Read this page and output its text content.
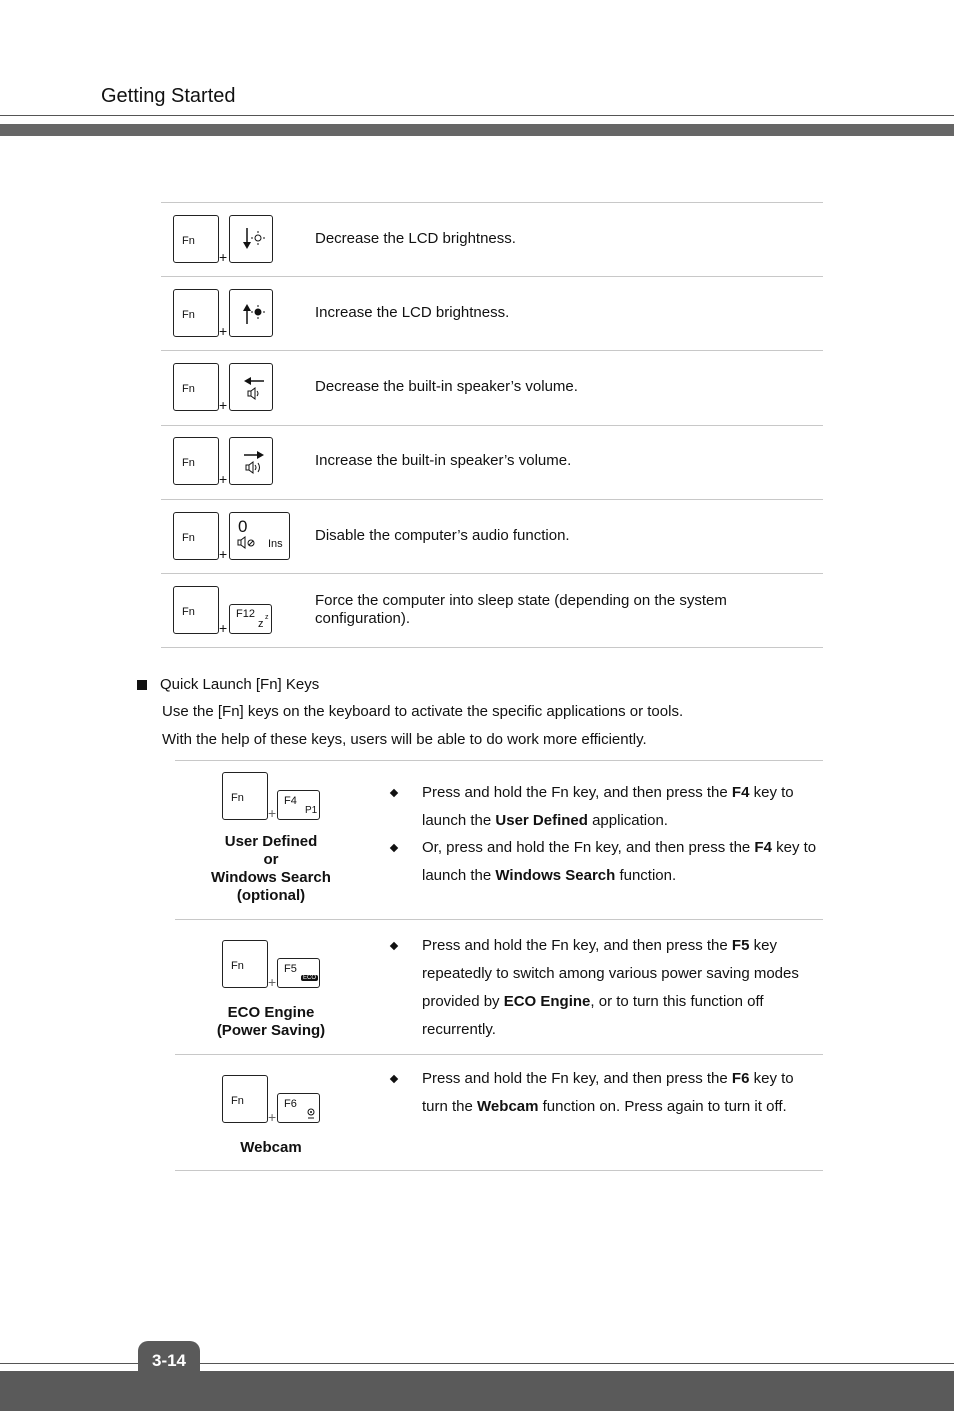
Getting Started
Fn
+
Decrease the LCD brightness.
Fn
+
Increase the LCD brightness.
Fn
+
Decrease the built-in speaker’s volume.
Fn
+
Increase the built-in speaker’s volume.
Fn
+
0
Ins Disable the computer’s audio function.
Fn
+
F12
z
z
Force the computer into sleep state (depending on the system configuration).
Quick Launch [Fn] Keys
Use the [Fn] keys on the keyboard to activate the specific applications or tools.
With the help of these keys, users will be able to do work more efficiently.
Fn
+
F4
P1
User Defined
or
Windows Search
(optional)
Press and hold the Fn key, and then press the F4 key to launch the User Defined application.
Or, press and hold the Fn key, and then press the F4 key to launch the Windows Search function.
Fn
+
F5
ECO
ECO Engine
(Power Saving)
Press and hold the Fn key, and then press the F5 key repeatedly to switch among various power saving modes provided by ECO Engine, or to turn this function off recurrently.
Fn
+
F6
Webcam
Press and hold the Fn key, and then press the F6 key to turn the Webcam function on. Press again to turn it off.
3-14
